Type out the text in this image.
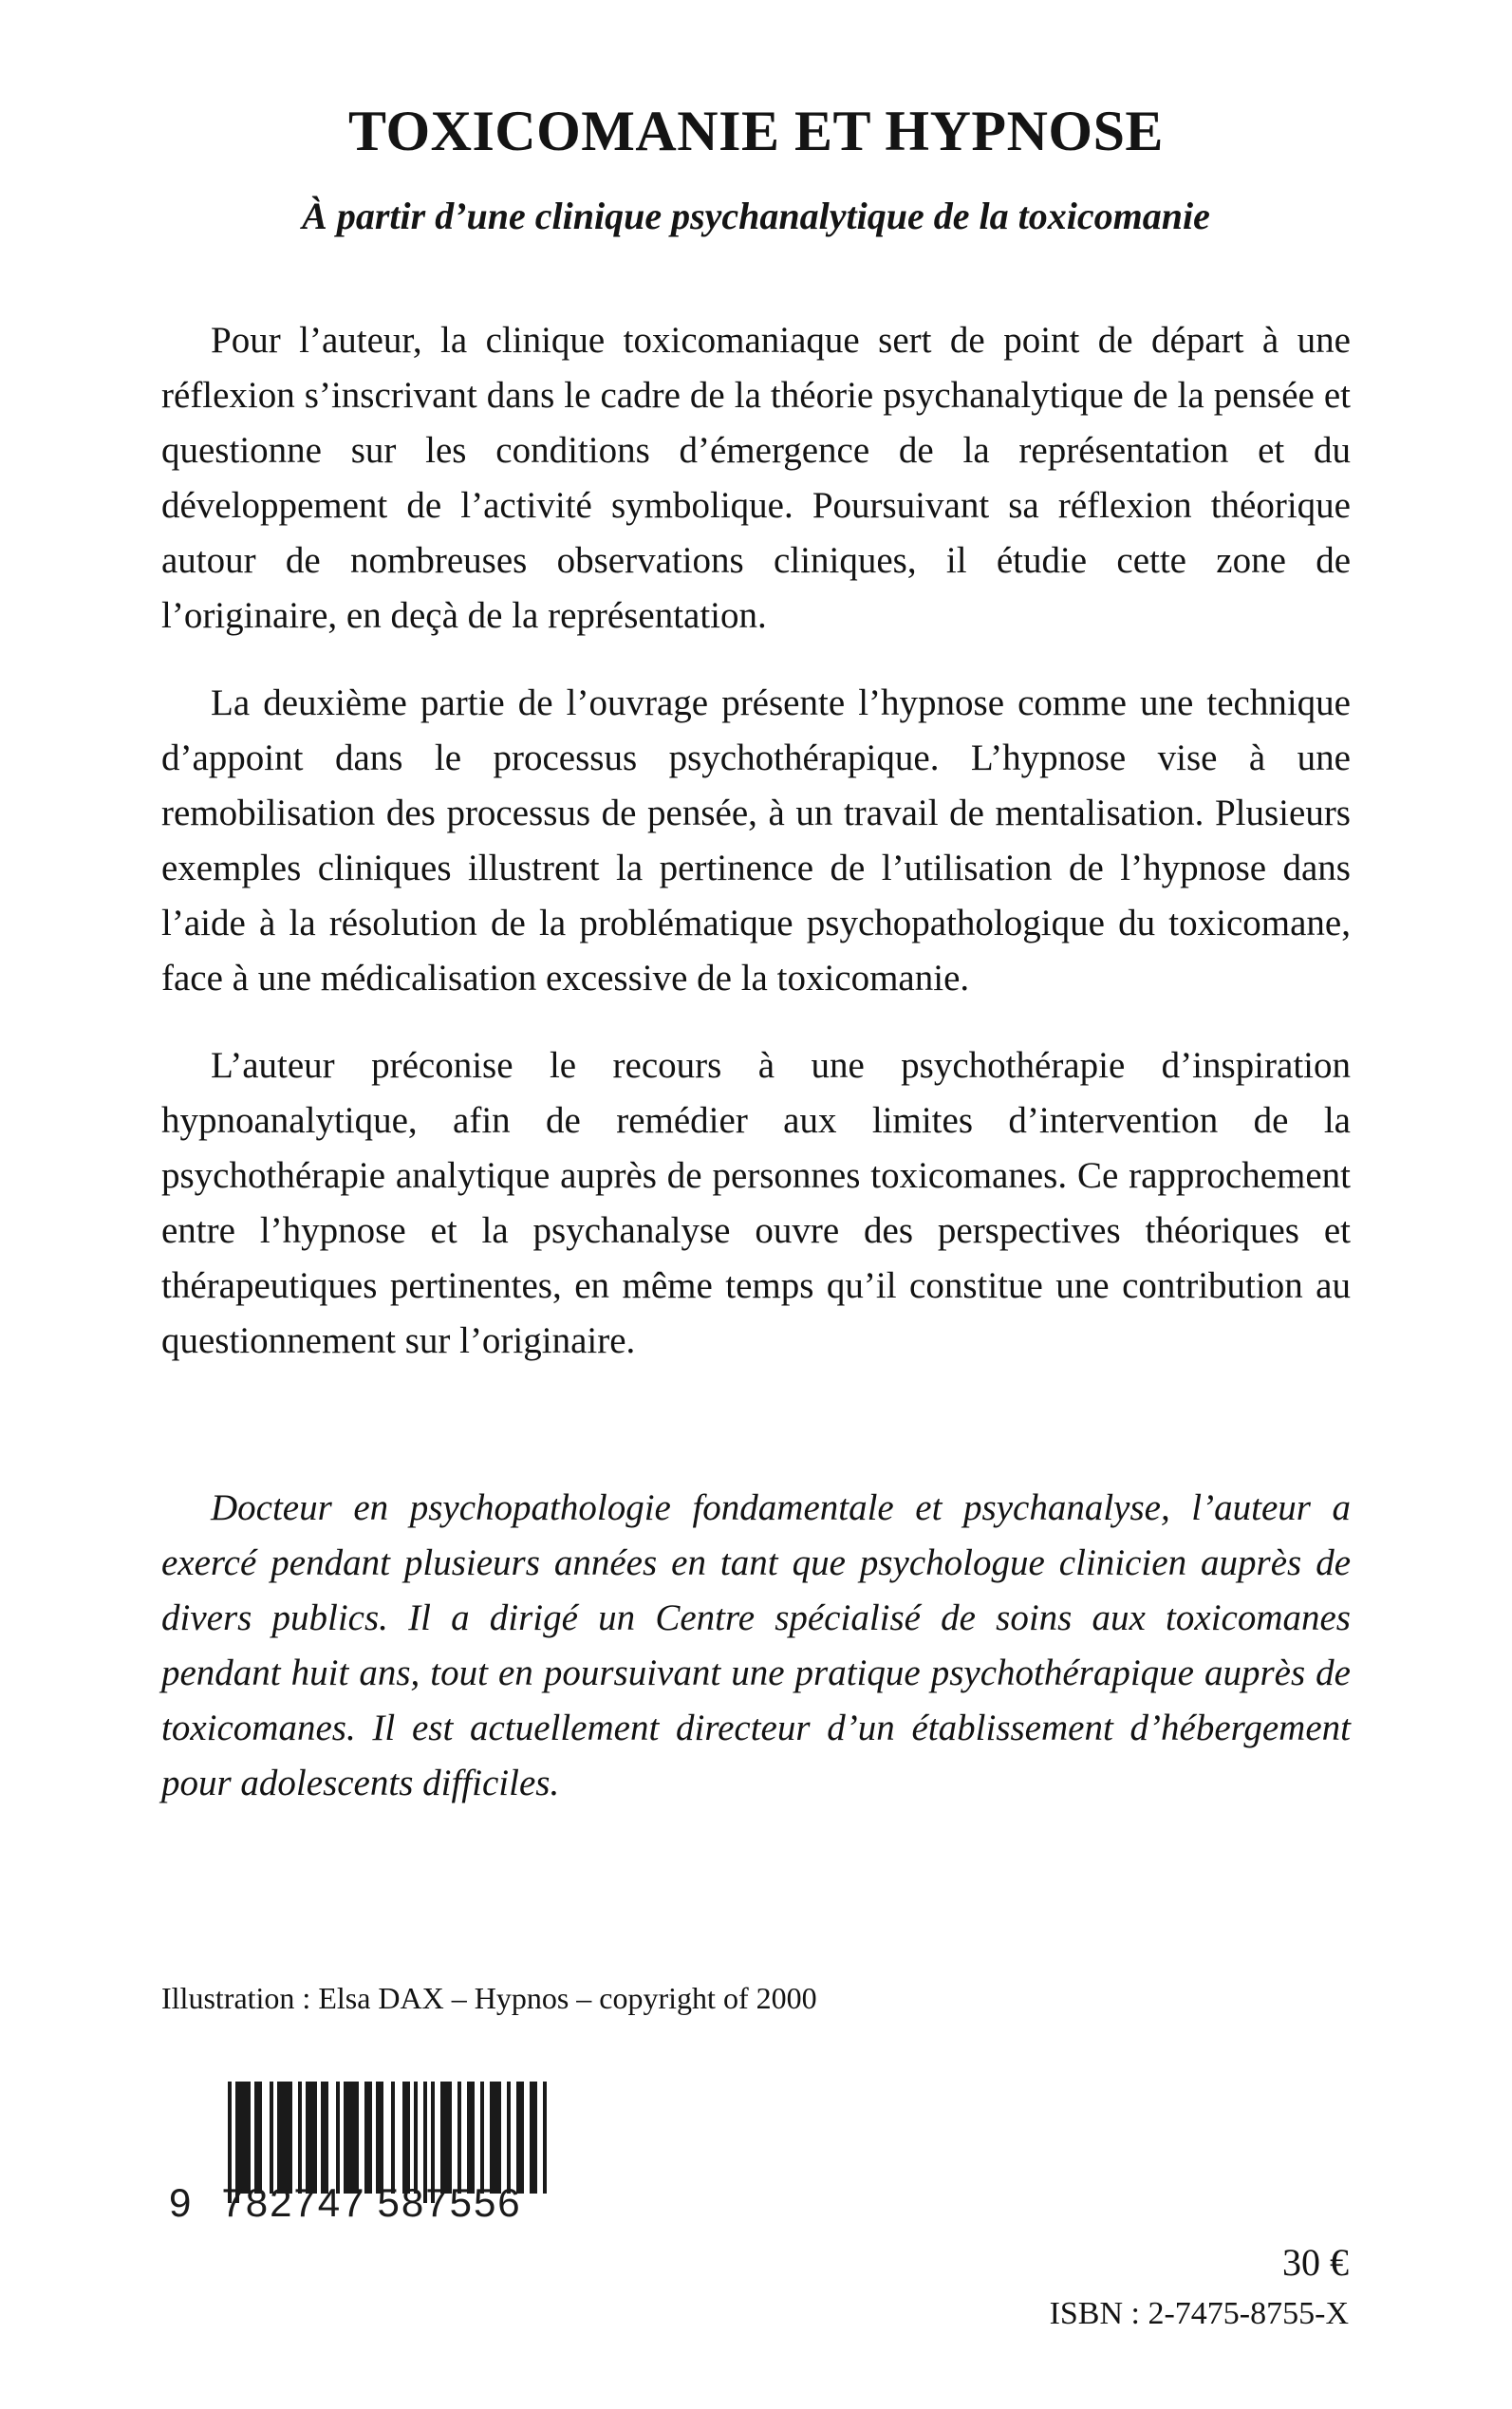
TOXICOMANIE ET HYPNOSE
À partir d’une clinique psychanalytique de la toxicomanie

Pour l’auteur, la clinique toxicomaniaque sert de point de départ à une réflexion s’inscrivant dans le cadre de la théorie psychanalytique de la pensée et questionne sur les conditions d’émergence de la représentation et du développement de l’activité symbolique. Poursuivant sa réflexion théorique autour de nombreuses observations cliniques, il étudie cette zone de l’originaire, en deçà de la représentation.

La deuxième partie de l’ouvrage présente l’hypnose comme une technique d’appoint dans le processus psychothérapique. L’hypnose vise à une remobilisation des processus de pensée, à un travail de mentalisation. Plusieurs exemples cliniques illustrent la pertinence de l’utilisation de l’hypnose dans l’aide à la résolution de la problématique psychopathologique du toxicomane, face à une médicalisation excessive de la toxicomanie.

L’auteur préconise le recours à une psychothérapie d’inspiration hypnoanalytique, afin de remédier aux limites d’intervention de la psychothérapie analytique auprès de personnes toxicomanes. Ce rapprochement entre l’hypnose et la psychanalyse ouvre des perspectives théoriques et thérapeutiques pertinentes, en même temps qu’il constitue une contribution au questionnement sur l’originaire.

Docteur en psychopathologie fondamentale et psychanalyse, l’auteur a exercé pendant plusieurs années en tant que psychologue clinicien auprès de divers publics. Il a dirigé un Centre spécialisé de soins aux toxicomanes pendant huit ans, tout en poursuivant une pratique psychothérapique auprès de toxicomanes. Il est actuellement directeur d’un établissement d’hébergement pour adolescents difficiles.

Illustration : Elsa DAX – Hypnos – copyright of 2000
9 782747 587556
30 €
ISBN : 2-7475-8755-X
